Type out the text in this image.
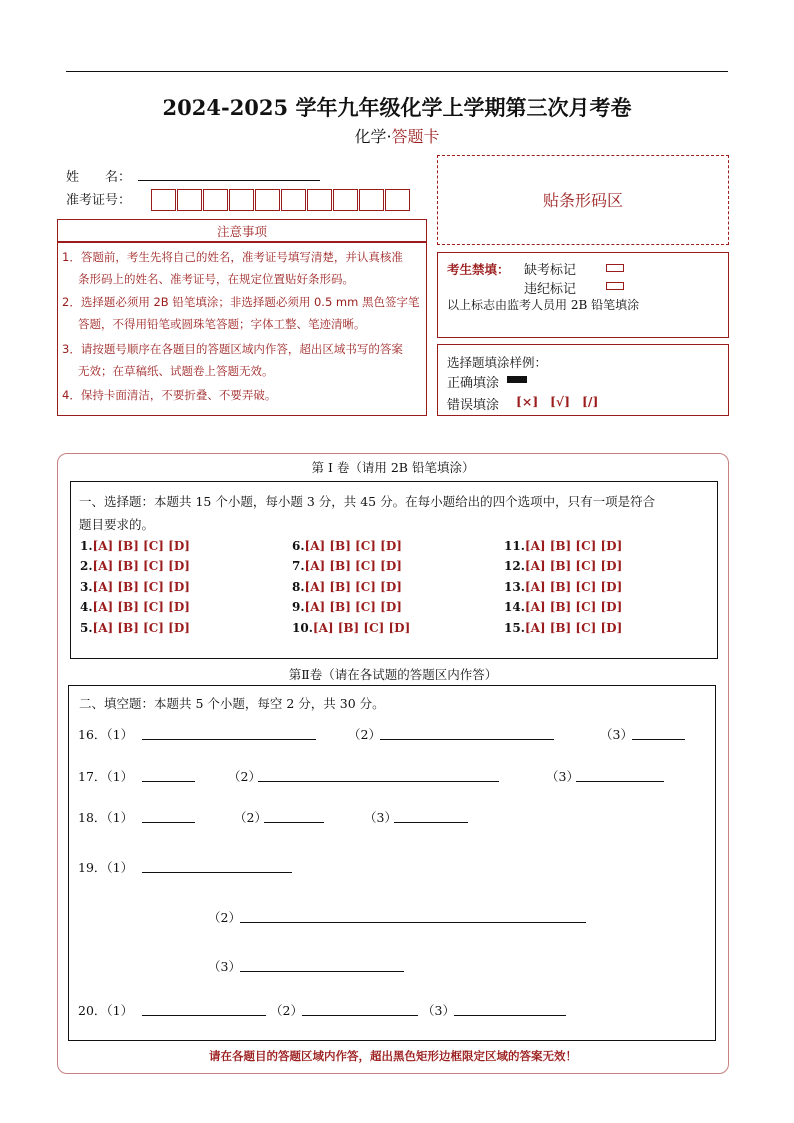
2024-2025 学年九年级化学上学期第三次月考卷
化学·答题卡
姓　　名：
准考证号：	贴条形码区
注意事项
1．答题前，考生先将自己的姓名，准考证号填写清楚，并认真核准
条形码上的姓名、准考证号，在规定位置贴好条形码。
2．选择题必须用 2B 铅笔填涂；非选择题必须用 0.5 mm 黑色签字笔
答题，不得用铅笔或圆珠笔答题；字体工整、笔迹清晰。
3．请按题号顺序在各题目的答题区域内作答，超出区域书写的答案
无效；在草稿纸、试题卷上答题无效。
4．保持卡面清洁，不要折叠、不要弄破。
考生禁填： 缺考标记
违纪标记
以上标志由监考人员用 2B 铅笔填涂
选择题填涂样例：
正确填涂
错误填涂 [×] [√] [/]
第 I 卷（请用 2B 铅笔填涂）
一、选择题：本题共 15 个小题，每小题 3 分，共 45 分。在每小题给出的四个选项中，只有一项是符合
题目要求的。
1.[A] [B] [C] [D]
2.[A] [B] [C] [D]
3.[A] [B] [C] [D]
4.[A] [B] [C] [D]
5.[A] [B] [C] [D]
6.[A] [B] [C] [D]
7.[A] [B] [C] [D]
8.[A] [B] [C] [D]
9.[A] [B] [C] [D]
10.[A] [B] [C] [D]
11.[A] [B] [C] [D]
12.[A] [B] [C] [D]
13.[A] [B] [C] [D]
14.[A] [B] [C] [D]
15.[A] [B] [C] [D]
第Ⅱ卷（请在各试题的答题区内作答）
二、填空题：本题共 5 个小题，每空 2 分，共 30 分。
16．（1）	（2）	（3）
17．（1）	（2）	（3）
18．（1）	（2）	（3）
19．（1）
（2）
（3）
20．（1）	（2）	（3）
请在各题目的答题区域内作答，超出黑色矩形边框限定区域的答案无效！
